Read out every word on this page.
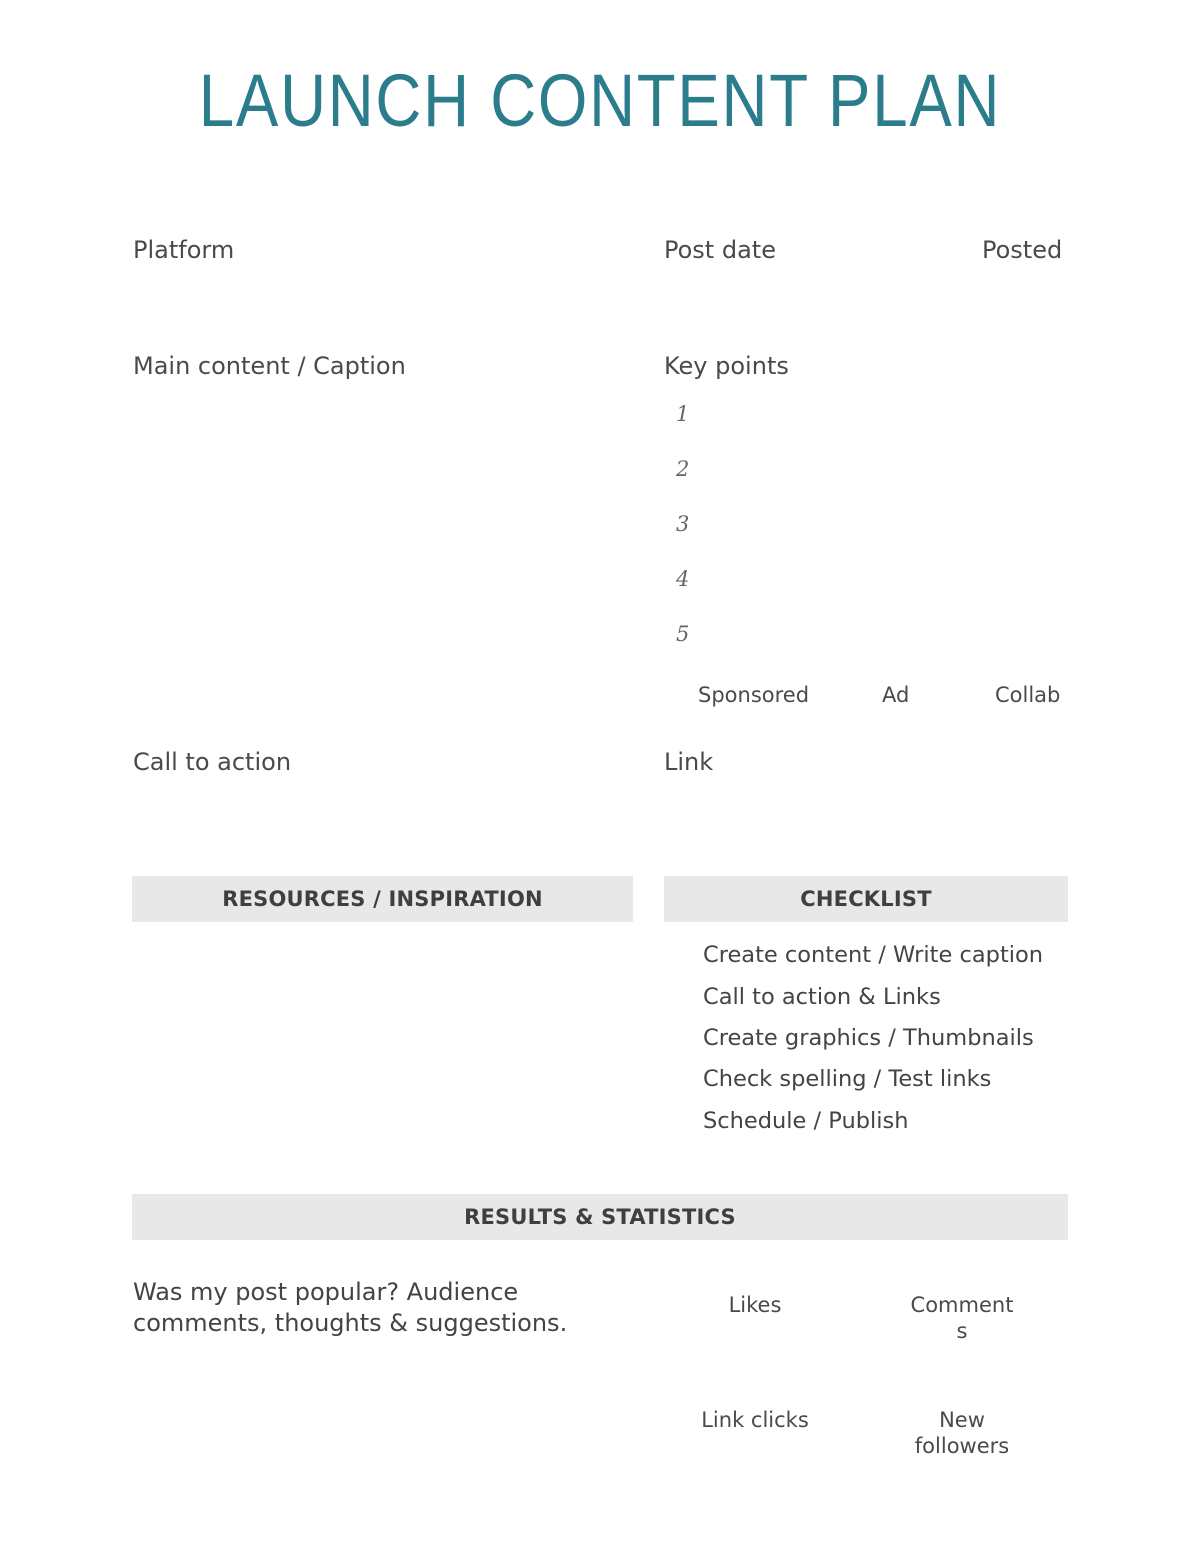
LAUNCH CONTENT PLAN
Platform	Post date	Posted
Main content / Caption	Key points
1
2
3
4
5
Sponsored	Ad	Collab
Call to action	Link
RESOURCES / INSPIRATION	CHECKLIST
Create content / Write caption
Call to action & Links
Create graphics / Thumbnails
Check spelling / Test links
Schedule / Publish
RESULTS & STATISTICS
Was my post popular? Audience comments, thoughts & suggestions.
Likes	Comment
s
Link clicks	New
followers
